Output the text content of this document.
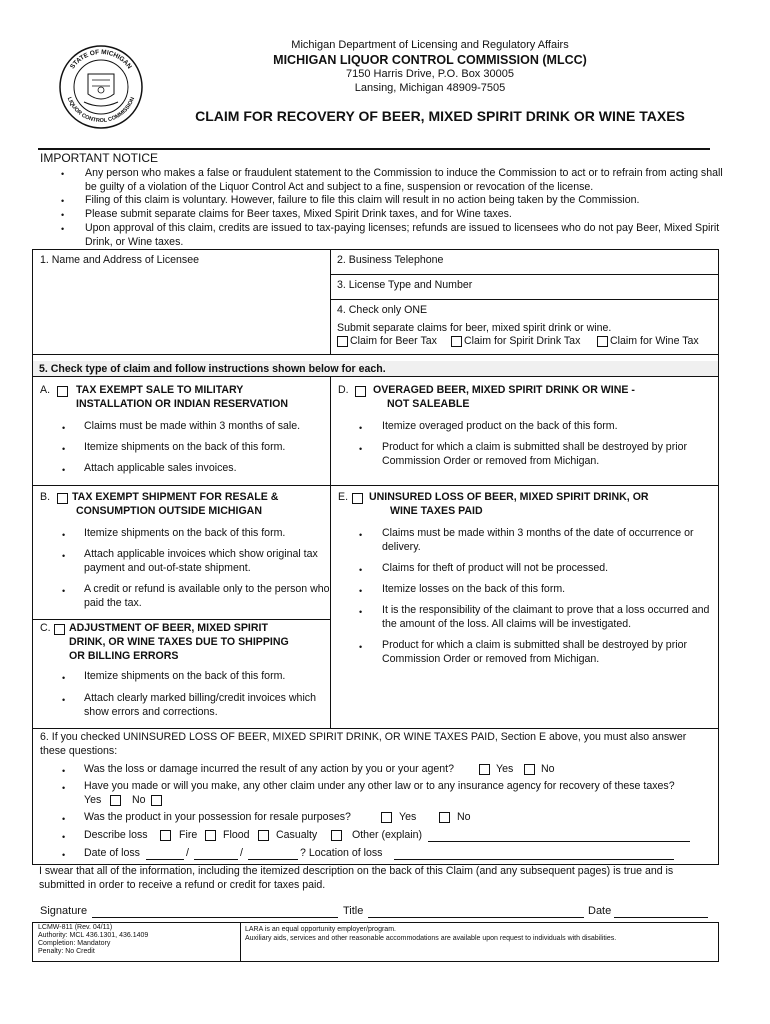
STATE OF MICHIGAN
LIQUOR CONTROL COMMISSION
Michigan Department of Licensing and Regulatory Affairs
MICHIGAN LIQUOR CONTROL COMMISSION (MLCC)
7150 Harris Drive, P.O. Box 30005
Lansing, Michigan 48909-7505
CLAIM FOR RECOVERY OF BEER, MIXED SPIRIT DRINK OR WINE TAXES
IMPORTANT NOTICE
• Any person who makes a false or fraudulent statement to the Commission to induce the Commission to act or to refrain from acting shall be guilty of a violation of the Liquor Control Act and subject to a fine, suspension or revocation of the license.
• Filing of this claim is voluntary. However, failure to file this claim will result in no action being taken by the Commission.
• Please submit separate claims for Beer taxes, Mixed Spirit Drink taxes, and for Wine taxes.
• Upon approval of this claim, credits are issued to tax-paying licenses; refunds are issued to licensees who do not pay Beer, Mixed Spirit Drink, or Wine taxes.
1. Name and Address of Licensee	2. Business Telephone
3. License Type and Number
4. Check only ONE
Submit separate claims for beer, mixed spirit drink or wine.
Claim for Beer Tax	Claim for Spirit Drink Tax	Claim for Wine Tax
5. Check type of claim and follow instructions shown below for each.
A. TAX EXEMPT SALE TO MILITARY
INSTALLATION OR INDIAN RESERVATION
• Claims must be made within 3 months of sale.
• Itemize shipments on the back of this form.
• Attach applicable sales invoices.
D. OVERAGED BEER, MIXED SPIRIT DRINK OR WINE -
NOT SALEABLE
• Itemize overaged product on the back of this form.
• Product for which a claim is submitted shall be destroyed by prior Commission Order or removed from Michigan.
B. TAX EXEMPT SHIPMENT FOR RESALE &
CONSUMPTION OUTSIDE MICHIGAN
• Itemize shipments on the back of this form.
• Attach applicable invoices which show original tax payment and out-of-state shipment.
• A credit or refund is available only to the person who paid the tax.
C. ADJUSTMENT OF BEER, MIXED SPIRIT
DRINK, OR WINE TAXES DUE TO SHIPPING
OR BILLING ERRORS
• Itemize shipments on the back of this form.
• Attach clearly marked billing/credit invoices which show errors and corrections.
E. UNINSURED LOSS OF BEER, MIXED SPIRIT DRINK, OR
WINE TAXES PAID
• Claims must be made within 3 months of the date of occurrence or delivery.
• Claims for theft of product will not be processed.
• Itemize losses on the back of this form.
• It is the responsibility of the claimant to prove that a loss occurred and the amount of the loss. All claims will be investigated.
• Product for which a claim is submitted shall be destroyed by prior Commission Order or removed from Michigan.
6. If you checked UNINSURED LOSS OF BEER, MIXED SPIRIT DRINK, OR WINE TAXES PAID, Section E above, you must also answer these questions:
• Was the loss or damage incurred the result of any action by you or your agent?	Yes	No
• Have you made or will you make, any other claim under any other law or to any insurance agency for recovery of these taxes?
Yes	No
• Was the product in your possession for resale purposes?	Yes	No
• Describe loss	Fire Flood	Casualty	Other (explain)
• Date of loss	/	/	? Location of loss
I swear that all of the information, including the itemized description on the back of this Claim (and any subsequent pages) is true and is submitted in order to receive a refund or credit for taxes paid.
Signature	Title	Date
LCMW-811 (Rev. 04/11)
Authority: MCL 436.1301, 436.1409
Completion: Mandatory
Penalty: No Credit
LARA is an equal opportunity employer/program.
Auxiliary aids, services and other reasonable accommodations are available upon request to individuals with disabilities.
